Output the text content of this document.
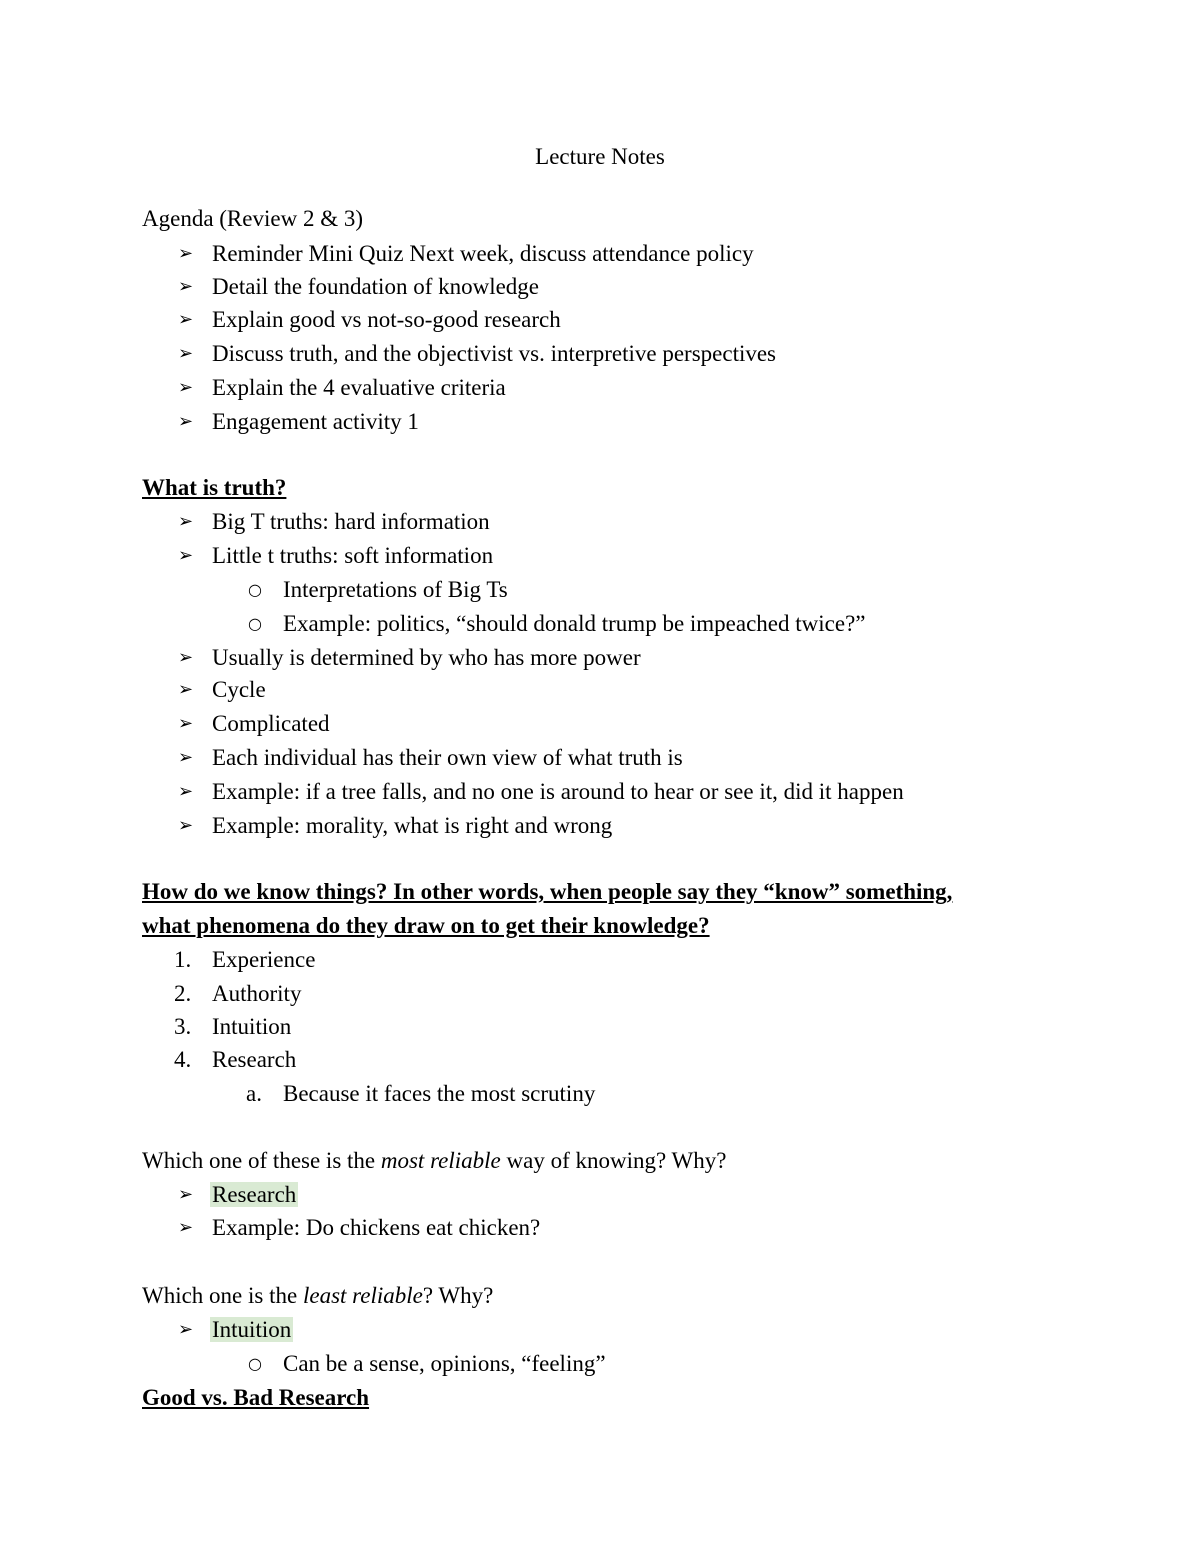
Lecture Notes
Agenda (Review 2 & 3)
➢ Reminder Mini Quiz Next week, discuss attendance policy
➢ Detail the foundation of knowledge
➢ Explain good vs not-so-good research
➢ Discuss truth, and the objectivist vs. interpretive perspectives
➢ Explain the 4 evaluative criteria
➢ Engagement activity 1
What is truth?
➢ Big T truths: hard information
➢ Little t truths: soft information
○ Interpretations of Big Ts
○ Example: politics, “should donald trump be impeached twice?”
➢ Usually is determined by who has more power
➢ Cycle
➢ Complicated
➢ Each individual has their own view of what truth is
➢ Example: if a tree falls, and no one is around to hear or see it, did it happen
➢ Example: morality, what is right and wrong
How do we know things? In other words, when people say they “know” something,
what phenomena do they draw on to get their knowledge?
1. Experience
2. Authority
3. Intuition
4. Research
a. Because it faces the most scrutiny
Which one of these is the most reliable way of knowing? Why?
➢ Research
➢ Example: Do chickens eat chicken?
Which one is the least reliable? Why?
➢ Intuition
○ Can be a sense, opinions, “feeling”
Good vs. Bad Research
